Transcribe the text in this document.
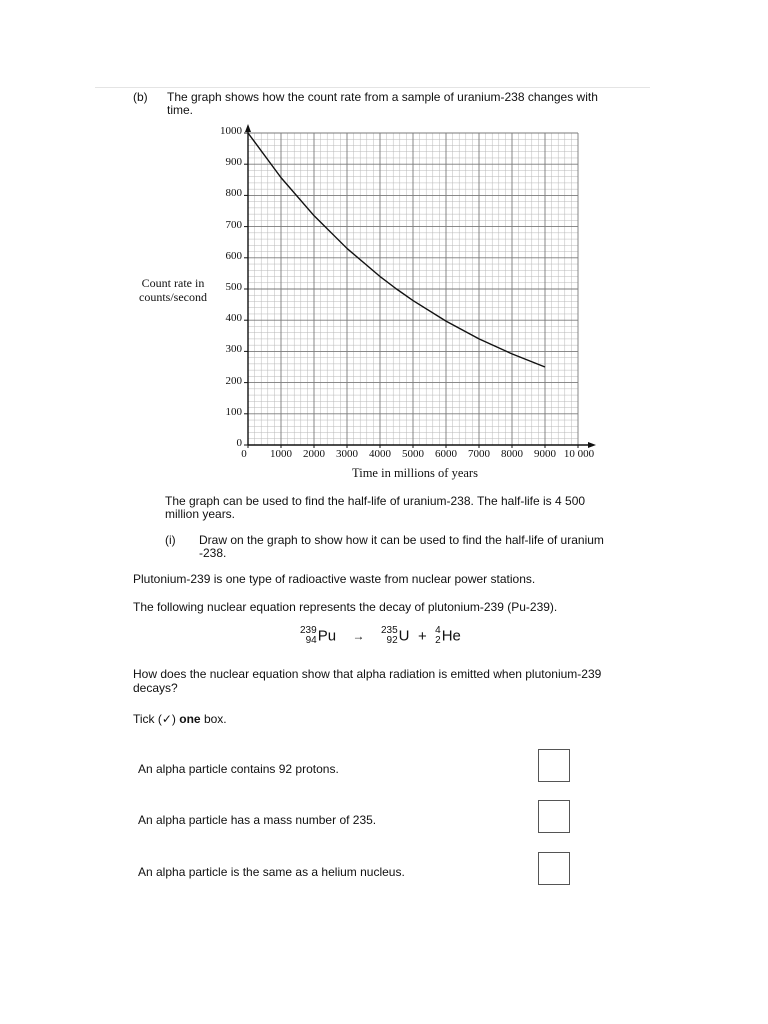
(b) The graph shows how the count rate from a sample of uranium-238 changes with
time.
Count rate in
counts/second
0
100
200
300
400
500
600
700
800
900
1000
0	1000	2000	3000	4000	5000	6000	7000	8000	9000 10 000
Time in millions of years
The graph can be used to find the half-life of uranium-238. The half-life is 4 500
million years.
(i) Draw on the graph to show how it can be used to find the half-life of uranium
-238.
Plutonium-239 is one type of radioactive waste from nuclear power stations.
The following nuclear equation represents the decay of plutonium-239 (Pu-239).
239
94 Pu → 235
92 U + 4
2 He
How does the nuclear equation show that alpha radiation is emitted when plutonium-239
decays?
Tick (✓) one box.
An alpha particle contains 92 protons.
An alpha particle has a mass number of 235.
An alpha particle is the same as a helium nucleus.
